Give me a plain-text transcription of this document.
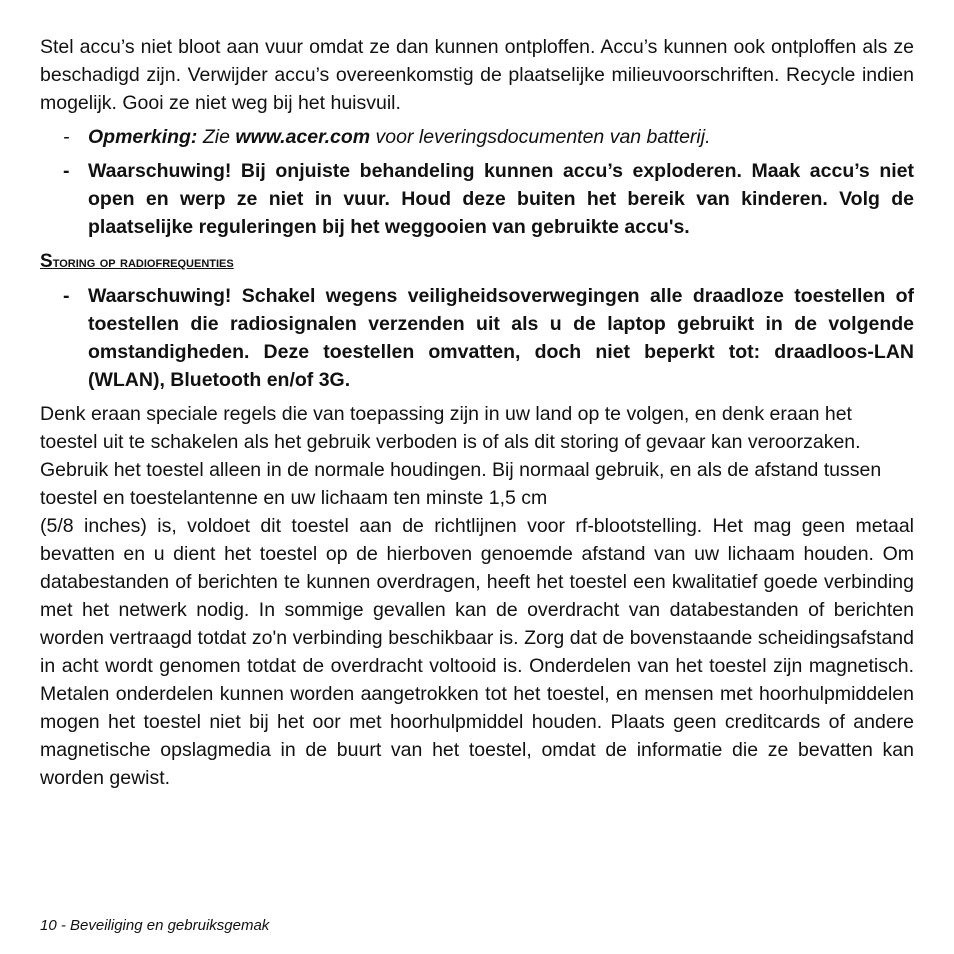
Stel accu’s niet bloot aan vuur omdat ze dan kunnen ontploffen. Accu’s kunnen ook ontploffen als ze beschadigd zijn. Verwijder accu’s overeenkomstig de plaatselijke milieuvoorschriften. Recycle indien mogelijk. Gooi ze niet weg bij het huisvuil.

- Opmerking: Zie www.acer.com voor leveringsdocumenten van batterij.
- Waarschuwing! Bij onjuiste behandeling kunnen accu’s exploderen. Maak accu’s niet open en werp ze niet in vuur. Houd deze buiten het bereik van kinderen. Volg de plaatselijke reguleringen bij het weggooien van gebruikte accu's.
Storing op radiofrequenties
- Waarschuwing! Schakel wegens veiligheidsoverwegingen alle draadloze toestellen of toestellen die radiosignalen verzenden uit als u de laptop gebruikt in de volgende omstandigheden. Deze toestellen omvatten, doch niet beperkt tot: draadloos-LAN (WLAN), Bluetooth en/of 3G.

Denk eraan speciale regels die van toepassing zijn in uw land op te volgen, en denk eraan het toestel uit te schakelen als het gebruik verboden is of als dit storing of gevaar kan veroorzaken. Gebruik het toestel alleen in de normale houdingen. Bij normaal gebruik, en als de afstand tussen toestel en toestelantenne en uw lichaam ten minste 1,5 cm

(5/8 inches) is, voldoet dit toestel aan de richtlijnen voor rf-blootstelling. Het mag geen metaal bevatten en u dient het toestel op de hierboven genoemde afstand van uw lichaam houden. Om databestanden of berichten te kunnen overdragen, heeft het toestel een kwalitatief goede verbinding met het netwerk nodig. In sommige gevallen kan de overdracht van databestanden of berichten worden vertraagd totdat zo'n verbinding beschikbaar is. Zorg dat de bovenstaande scheidingsafstand in acht wordt genomen totdat de overdracht voltooid is. Onderdelen van het toestel zijn magnetisch. Metalen onderdelen kunnen worden aangetrokken tot het toestel, en mensen met hoorhulpmiddelen mogen het toestel niet bij het oor met hoorhulpmiddel houden. Plaats geen creditcards of andere magnetische opslagmedia in de buurt van het toestel, omdat de informatie die ze bevatten kan worden gewist.

10 - Beveiliging en gebruiksgemak
